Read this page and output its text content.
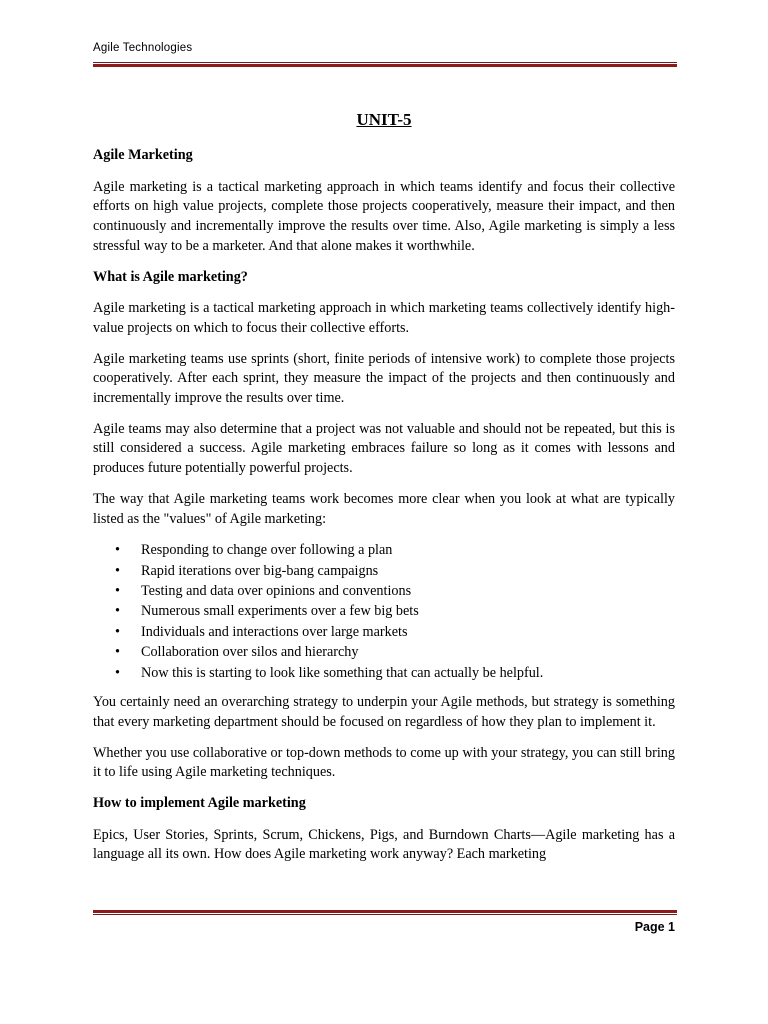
Agile Technologies
UNIT-5
Agile Marketing

Agile marketing is a tactical marketing approach in which teams identify and focus their collective efforts on high value projects, complete those projects cooperatively, measure their impact, and then continuously and incrementally improve the results over time. Also, Agile marketing is simply a less stressful way to be a marketer. And that alone makes it worthwhile.

What is Agile marketing?

Agile marketing is a tactical marketing approach in which marketing teams collectively identify high-value projects on which to focus their collective efforts.

Agile marketing teams use sprints (short, finite periods of intensive work) to complete those projects cooperatively. After each sprint, they measure the impact of the projects and then continuously and incrementally improve the results over time.

Agile teams may also determine that a project was not valuable and should not be repeated, but this is still considered a success. Agile marketing embraces failure so long as it comes with lessons and produces future potentially powerful projects.

The way that Agile marketing teams work becomes more clear when you look at what are typically listed as the "values" of Agile marketing:

• Responding to change over following a plan
• Rapid iterations over big-bang campaigns
• Testing and data over opinions and conventions
• Numerous small experiments over a few big bets
• Individuals and interactions over large markets
• Collaboration over silos and hierarchy
• Now this is starting to look like something that can actually be helpful.

You certainly need an overarching strategy to underpin your Agile methods, but strategy is something that every marketing department should be focused on regardless of how they plan to implement it.

Whether you use collaborative or top-down methods to come up with your strategy, you can still bring it to life using Agile marketing techniques.

How to implement Agile marketing

Epics, User Stories, Sprints, Scrum, Chickens, Pigs, and Burndown Charts—Agile marketing has a language all its own. How does Agile marketing work anyway? Each marketing

Page 1
